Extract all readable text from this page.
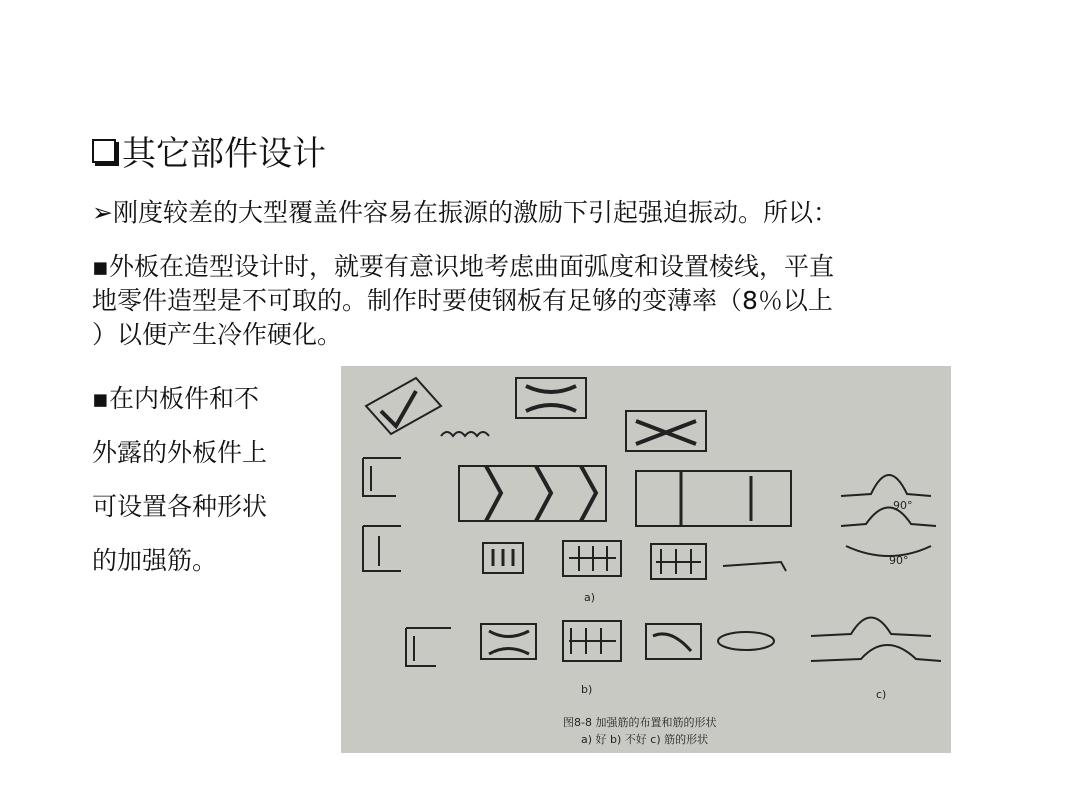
其它部件设计
➢刚度较差的大型覆盖件容易在振源的激励下引起强迫振动。所以：
▪外板在造型设计时，就要有意识地考虑曲面弧度和设置棱线，平直
地零件造型是不可取的。制作时要使钢板有足够的变薄率（8％以上
）以便产生冷作硬化。
▪在内板件和不
外露的外板件上
可设置各种形状
的加强筋。
a)
b)	c)
90°
90°
图8-8 加强筋的布置和筋的形状
a) 好 b) 不好 c) 筋的形状
